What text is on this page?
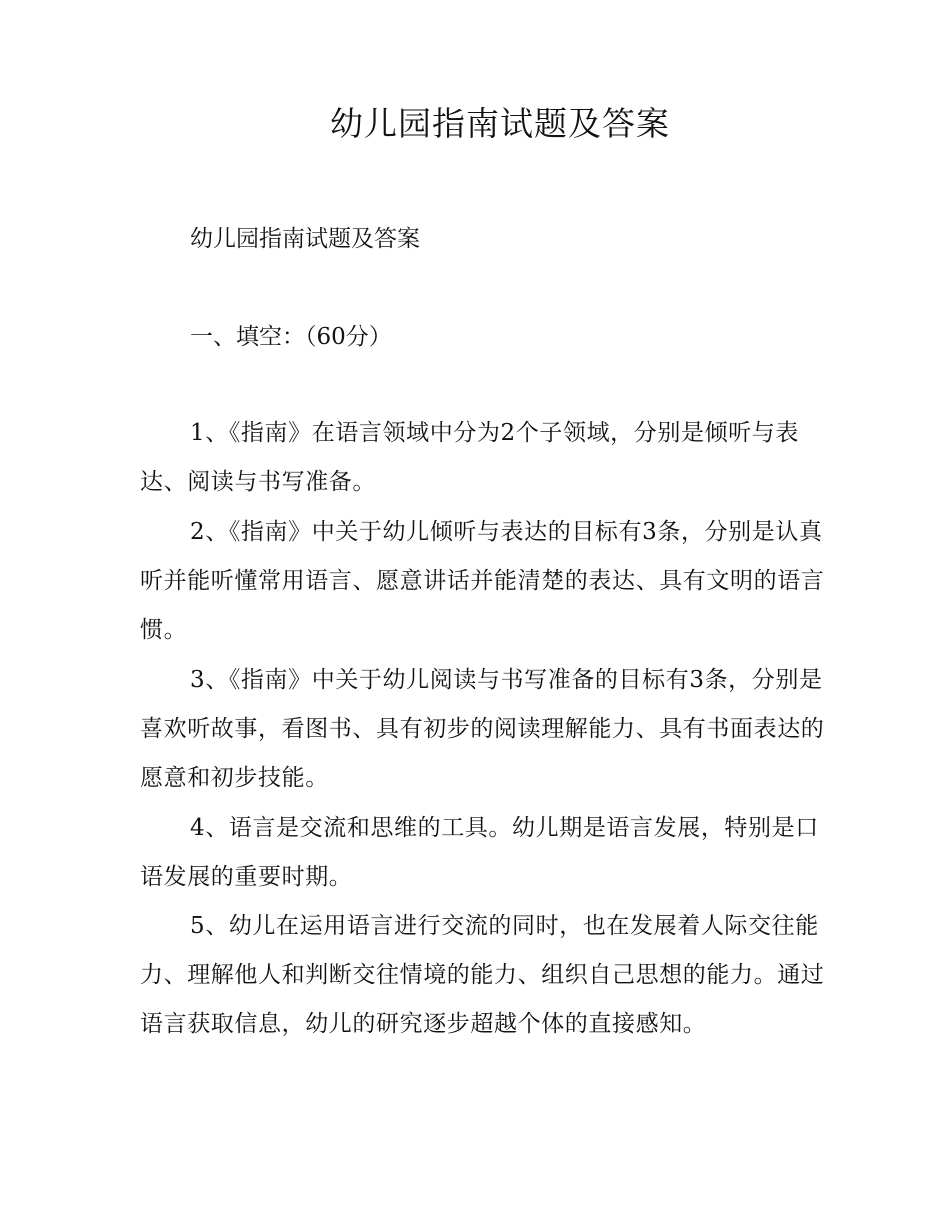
幼儿园指南试题及答案
幼儿园指南试题及答案
一、填空：（60分）

1、《指南》在语言领域中分为2个子领域，分别是倾听与表达、阅读与书写准备。

2、《指南》中关于幼儿倾听与表达的目标有3条，分别是认真听并能听懂常用语言、愿意讲话并能清楚的表达、具有文明的语言惯。

3、《指南》中关于幼儿阅读与书写准备的目标有3条，分别是喜欢听故事，看图书、具有初步的阅读理解能力、具有书面表达的愿意和初步技能。

4、语言是交流和思维的工具。幼儿期是语言发展，特别是口语发展的重要时期。

5、幼儿在运用语言进行交流的同时，也在发展着人际交往能力、理解他人和判断交往情境的能力、组织自己思想的能力。通过语言获取信息，幼儿的研究逐步超越个体的直接感知。
